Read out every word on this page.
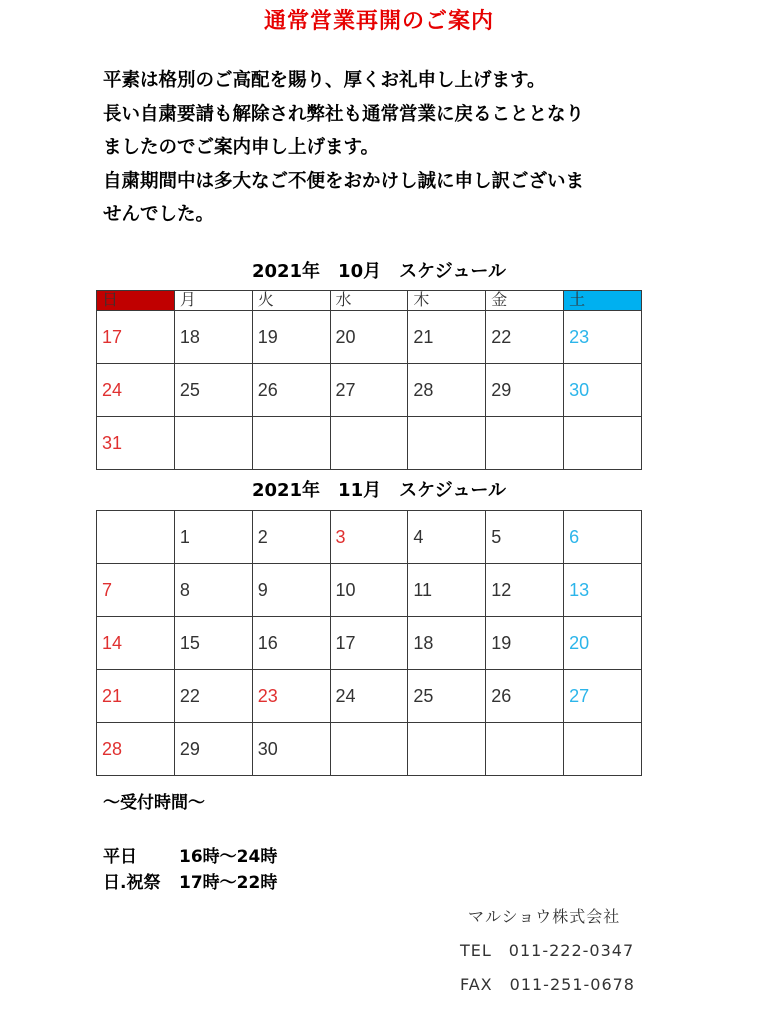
通常営業再開のご案内

平素は格別のご高配を賜り、厚くお礼申し上げます。

長い自粛要請も解除され弊社も通常営業に戻ることとなり

ましたのでご案内申し上げます。

自粛期間中は多大なご不便をおかけし誠に申し訳ございま

せんでした。

2021年　10月　スケジュール
日	月	火	水	木	金	土
17	18	19	20	21	22	23
24	25	26	27	28	29	30
31						
2021年　11月　スケジュール
	1	2	3	4	5	6
7	8	9	10	11	12	13
14	15	16	17	18	19	20
21	22	23	24	25	26	27
28	29	30				
～受付時間～
平日 16時～24時
日.祝祭 17時～22時
マルショウ株式会社
TEL　011-222-0347
FAX　011-251-0678
